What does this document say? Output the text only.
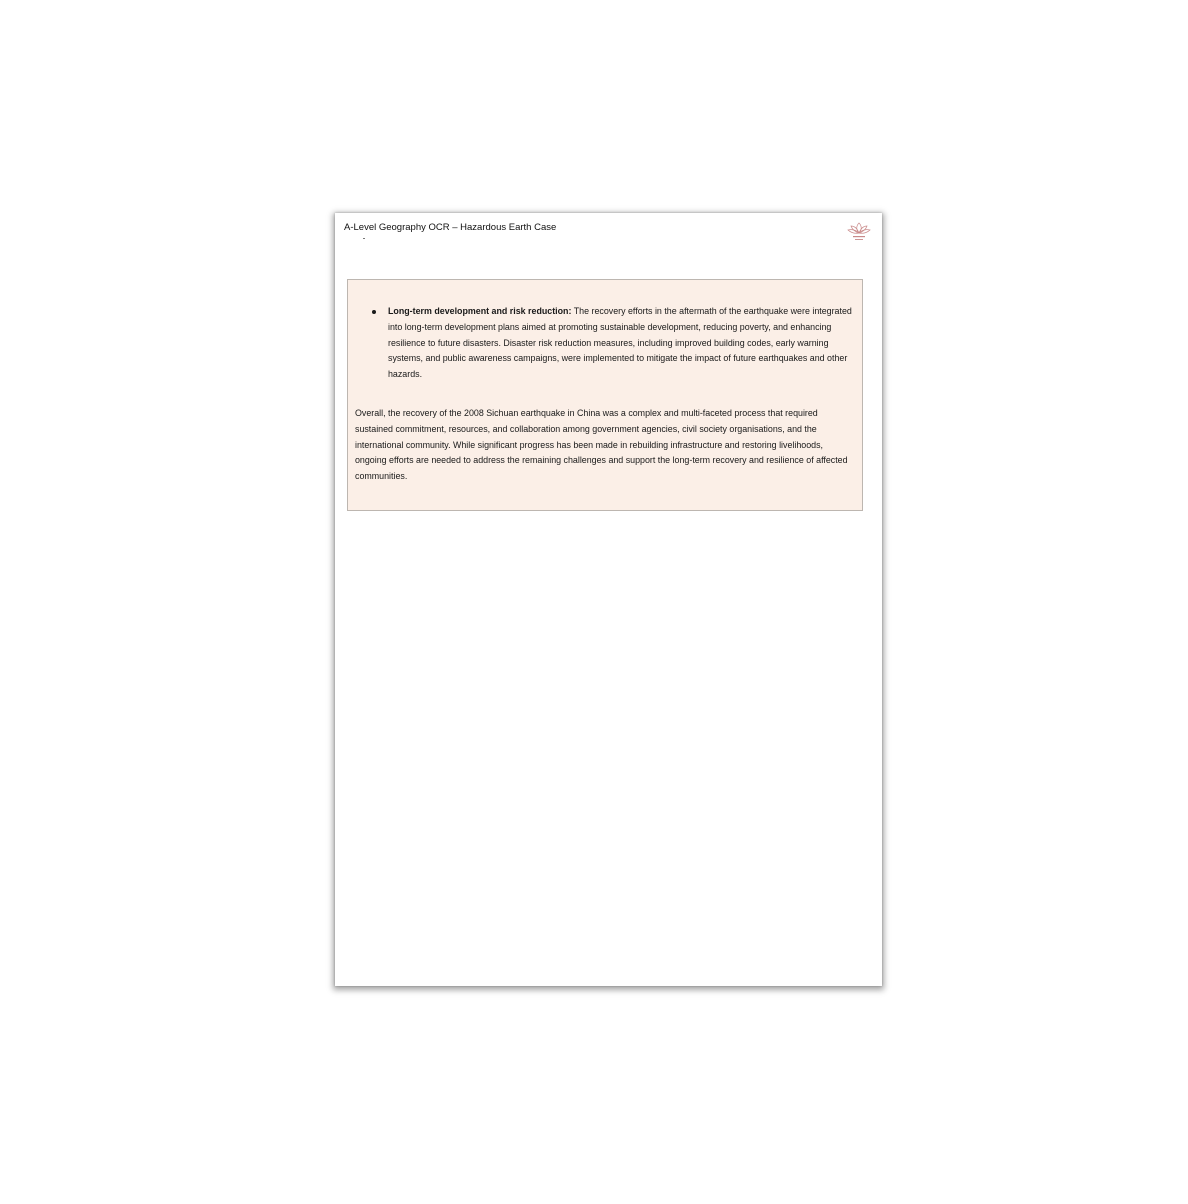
A-Level Geography OCR – Hazardous Earth Case
Long-term development and risk reduction: The recovery efforts in the aftermath of the earthquake were integrated into long-term development plans aimed at promoting sustainable development, reducing poverty, and enhancing resilience to future disasters. Disaster risk reduction measures, including improved building codes, early warning systems, and public awareness campaigns, were implemented to mitigate the impact of future earthquakes and other hazards.

Overall, the recovery of the 2008 Sichuan earthquake in China was a complex and multi-faceted process that required sustained commitment, resources, and collaboration among government agencies, civil society organisations, and the international community. While significant progress has been made in rebuilding infrastructure and restoring livelihoods, ongoing efforts are needed to address the remaining challenges and support the long-term recovery and resilience of affected communities.
